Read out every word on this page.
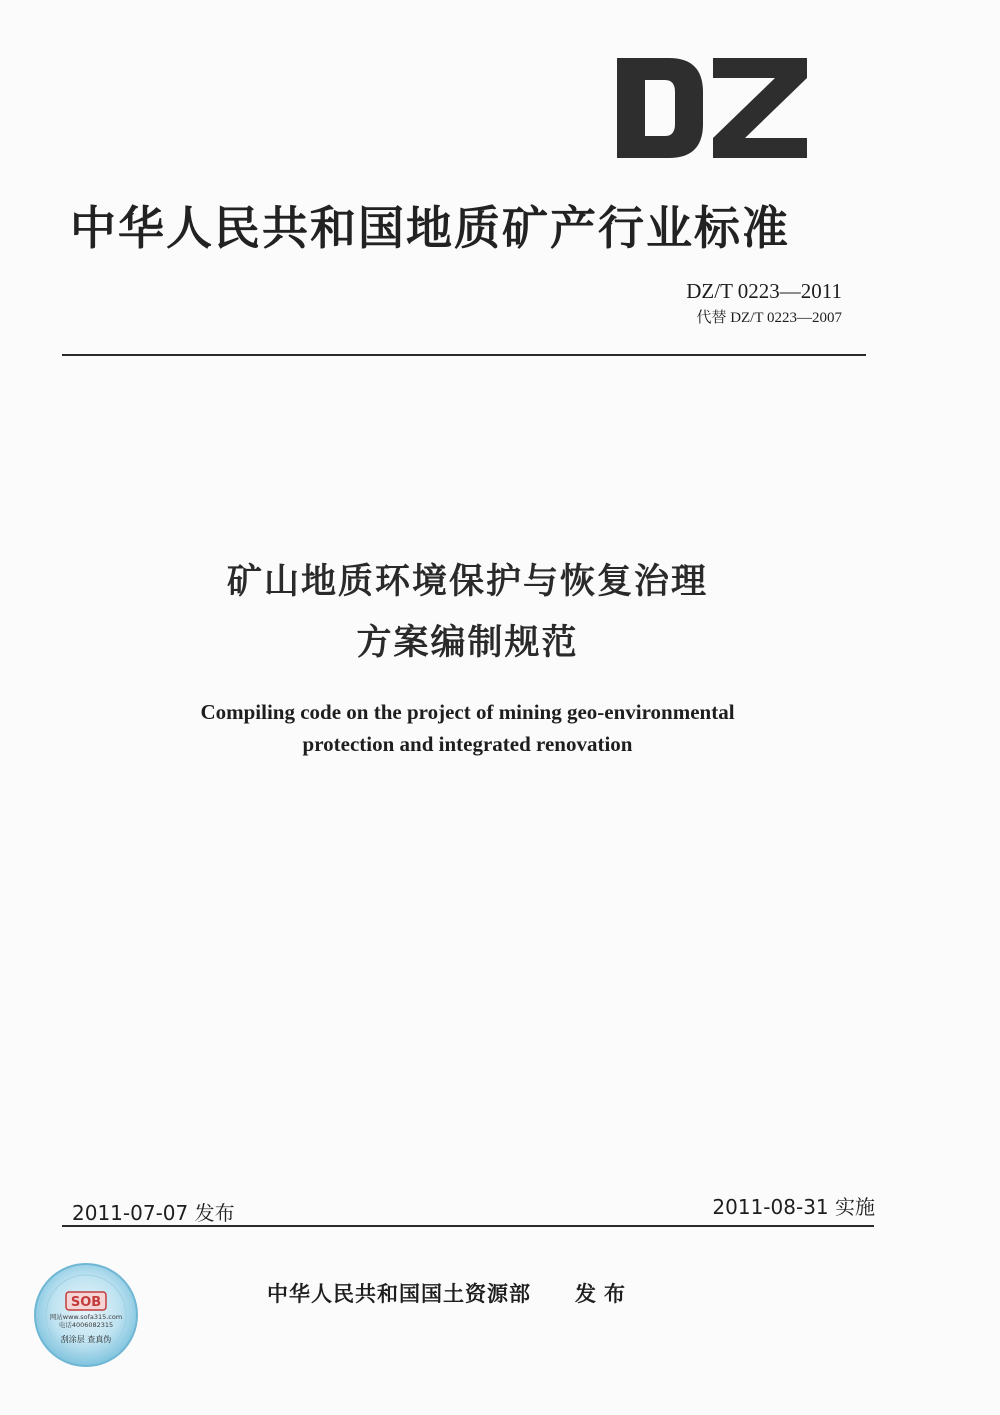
中华人民共和国地质矿产行业标准
DZ/T 0223—2011
代替 DZ/T 0223—2007
矿山地质环境保护与恢复治理
方案编制规范
Compiling code on the project of mining geo-environmental
protection and integrated renovation
2011-07-07 发布	2011-08-31 实施
中华人民共和国国土资源部 发布
SOB
网站www.sofa315.com
电话4006082315
刮涂层 查真伪
